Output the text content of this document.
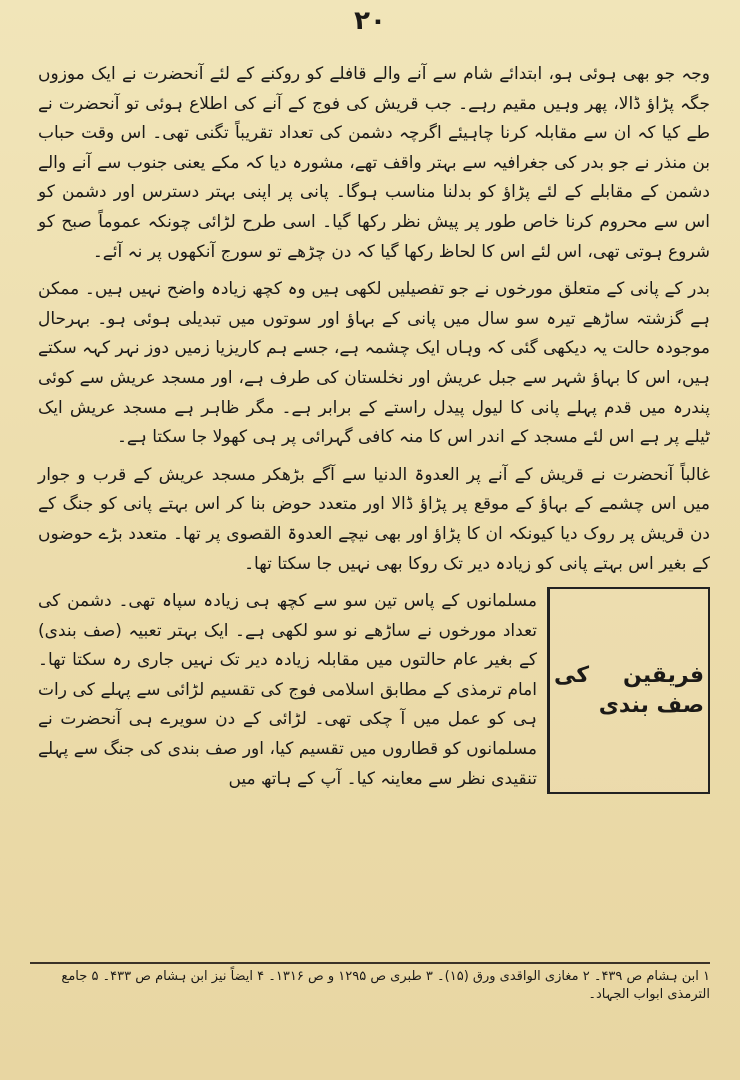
۲۰

وجہ جو بھی ہوئی ہو، ابتدائے شام سے آنے والے قافلے کو روکنے کے لئے آنحضرت نے ایک موزوں جگہ پڑاؤ ڈالا، پھر وہیں مقیم رہے۔ جب قریش کی فوج کے آنے کی اطلاع ہوئی تو آنحضرت نے طے کیا کہ ان سے مقابلہ کرنا چاہیئے اگرچہ دشمن کی تعداد تقریباً تگنی تھی۔ اس وقت حباب بن منذر نے جو بدر کی جغرافیہ سے بہتر واقف تھے، مشورہ دیا کہ مکے یعنی جنوب سے آنے والے دشمن کے مقابلے کے لئے پڑاؤ کو بدلنا مناسب ہوگا۔ پانی پر اپنی بہتر دسترس اور دشمن کو اس سے محروم کرنا خاص طور پر پیش نظر رکھا گیا۔ اسی طرح لڑائی چونکہ عموماً صبح کو شروع ہوتی تھی، اس لئے اس کا لحاظ رکھا گیا کہ دن چڑھے تو سورج آنکھوں پر نہ آئے۔

بدر کے پانی کے متعلق مورخوں نے جو تفصیلیں لکھی ہیں وہ کچھ زیادہ واضح نہیں ہیں۔ ممکن ہے گزشتہ ساڑھے تیرہ سو سال میں پانی کے بہاؤ اور سوتوں میں تبدیلی ہوئی ہو۔ بہرحال موجودہ حالت یہ دیکھی گئی کہ وہاں ایک چشمہ ہے، جسے ہم کاریزیا زمیں دوز نہر کہہ سکتے ہیں، اس کا بہاؤ شہر سے جبل عریش اور نخلستان کی طرف ہے، اور مسجد عریش سے کوئی پندرہ میں قدم پہلے پانی کا لیول پیدل راستے کے برابر ہے۔ مگر ظاہر ہے مسجد عریش ایک ٹیلے پر ہے اس لئے مسجد کے اندر اس کا منہ کافی گہرائی پر ہی کھولا جا سکتا ہے۔

غالباً آنحضرت نے قریش کے آنے پر العدوۃ الدنیا سے آگے بڑھکر مسجد عریش کے قرب و جوار میں اس چشمے کے بہاؤ کے موقع پر پڑاؤ ڈالا اور متعدد حوض بنا کر اس بہتے پانی کو جنگ کے دن قریش پر روک دیا کیونکہ ان کا پڑاؤ اور بھی نیچے العدوۃ القصوی پر تھا۔ متعدد بڑے حوضوں کے بغیر اس بہتے پانی کو زیادہ دیر تک روکا بھی نہیں جا سکتا تھا۔

فریقین کی صف بندی
مسلمانوں کے پاس تین سو سے کچھ ہی زیادہ سپاہ تھی۔ دشمن کی تعداد مورخوں نے ساڑھے نو سو لکھی ہے۔ ایک بہتر تعبیہ (صف بندی) کے بغیر عام حالتوں میں مقابلہ زیادہ دیر تک نہیں جاری رہ سکتا تھا۔ امام ترمذی کے مطابق اسلامی فوج کی تقسیم لڑائی سے پہلے کی رات ہی کو عمل میں آ چکی تھی۔ لڑائی کے دن سویرے ہی آنحضرت نے مسلمانوں کو قطاروں میں تقسیم کیا، اور صف بندی کی جنگ سے پہلے تنقیدی نظر سے معاینہ کیا۔ آپ کے ہاتھ میں
۱ ابن ہشام ص ۴۳۹۔ ۲ مغازی الواقدی ورق (۱۵)۔ ۳ طبری ص ۱۲۹۵ و ص ۱۳۱۶۔ ۴ ایضاً نیز ابن ہشام ص ۴۳۳۔ ۵ جامع الترمذی ابواب الجہاد۔
